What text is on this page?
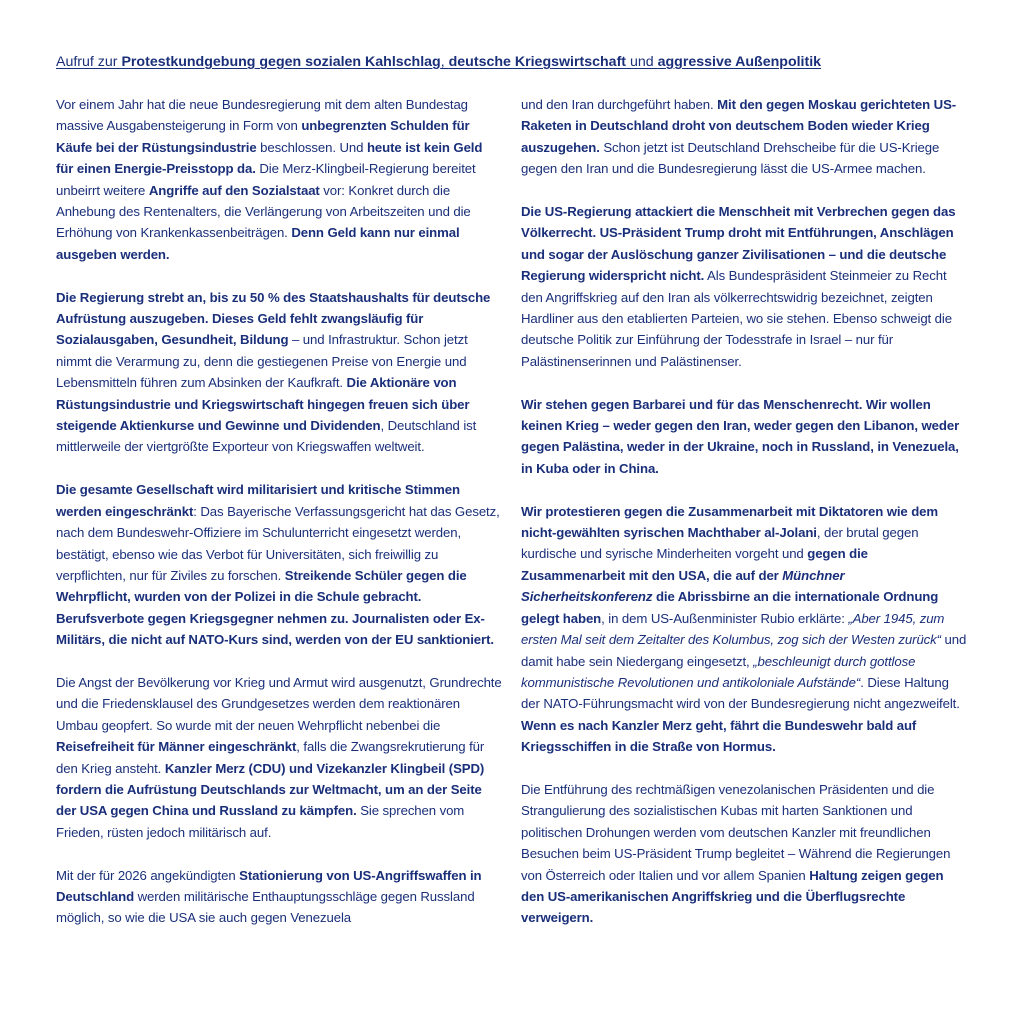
Aufruf zur Protestkundgebung gegen sozialen Kahlschlag, deutsche Kriegswirtschaft und aggressive Außenpolitik

Vor einem Jahr hat die neue Bundesregierung mit dem alten Bundestag massive Ausgabensteigerung in Form von unbegrenzten Schulden für Käufe bei der Rüstungsindustrie beschlossen. Und heute ist kein Geld für einen Energie-Preisstopp da. Die Merz-Klingbeil-Regierung bereitet unbeirrt weitere Angriffe auf den Sozialstaat vor: Konkret durch die Anhebung des Rentenalters, die Verlängerung von Arbeitszeiten und die Erhöhung von Krankenkassenbeiträgen. Denn Geld kann nur einmal ausgeben werden.

Die Regierung strebt an, bis zu 50 % des Staatshaushalts für deutsche Aufrüstung auszugeben. Dieses Geld fehlt zwangsläufig für Sozialausgaben, Gesundheit, Bildung – und Infrastruktur. Schon jetzt nimmt die Verarmung zu, denn die gestiegenen Preise von Energie und Lebensmitteln führen zum Absinken der Kaufkraft. Die Aktionäre von Rüstungsindustrie und Kriegswirtschaft hingegen freuen sich über steigende Aktienkurse und Gewinne und Dividenden, Deutschland ist mittlerweile der viertgrößte Exporteur von Kriegswaffen weltweit.

Die gesamte Gesellschaft wird militarisiert und kritische Stimmen werden eingeschränkt: Das Bayerische Verfassungsgericht hat das Gesetz, nach dem Bundeswehr-Offiziere im Schulunterricht eingesetzt werden, bestätigt, ebenso wie das Verbot für Universitäten, sich freiwillig zu verpflichten, nur für Ziviles zu forschen. Streikende Schüler gegen die Wehrpflicht, wurden von der Polizei in die Schule gebracht. Berufsverbote gegen Kriegsgegner nehmen zu. Journalisten oder Ex-Militärs, die nicht auf NATO-Kurs sind, werden von der EU sanktioniert.

Die Angst der Bevölkerung vor Krieg und Armut wird ausgenutzt, Grundrechte und die Friedensklausel des Grundgesetzes werden dem reaktionären Umbau geopfert. So wurde mit der neuen Wehrpflicht nebenbei die Reisefreiheit für Männer eingeschränkt, falls die Zwangsrekrutierung für den Krieg ansteht. Kanzler Merz (CDU) und Vizekanzler Klingbeil (SPD) fordern die Aufrüstung Deutschlands zur Weltmacht, um an der Seite der USA gegen China und Russland zu kämpfen. Sie sprechen vom Frieden, rüsten jedoch militärisch auf.

Mit der für 2026 angekündigten Stationierung von US-Angriffswaffen in Deutschland werden militärische Enthauptungsschläge gegen Russland möglich, so wie die USA sie auch gegen Venezuela

und den Iran durchgeführt haben. Mit den gegen Moskau gerichteten US-Raketen in Deutschland droht von deutschem Boden wieder Krieg auszugehen. Schon jetzt ist Deutschland Drehscheibe für die US-Kriege gegen den Iran und die Bundesregierung lässt die US-Armee machen.

Die US-Regierung attackiert die Menschheit mit Verbrechen gegen das Völkerrecht. US-Präsident Trump droht mit Entführungen, Anschlägen und sogar der Auslöschung ganzer Zivilisationen – und die deutsche Regierung widerspricht nicht. Als Bundespräsident Steinmeier zu Recht den Angriffskrieg auf den Iran als völkerrechtswidrig bezeichnet, zeigten Hardliner aus den etablierten Parteien, wo sie stehen. Ebenso schweigt die deutsche Politik zur Einführung der Todesstrafe in Israel – nur für Palästinenserinnen und Palästinenser.

Wir stehen gegen Barbarei und für das Menschenrecht. Wir wollen keinen Krieg – weder gegen den Iran, weder gegen den Libanon, weder gegen Palästina, weder in der Ukraine, noch in Russland, in Venezuela, in Kuba oder in China.

Wir protestieren gegen die Zusammenarbeit mit Diktatoren wie dem nicht-gewählten syrischen Machthaber al-Jolani, der brutal gegen kurdische und syrische Minderheiten vorgeht und gegen die Zusammenarbeit mit den USA, die auf der Münchner Sicherheitskonferenz die Abrissbirne an die internationale Ordnung gelegt haben, in dem US-Außenminister Rubio erklärte: „Aber 1945, zum ersten Mal seit dem Zeitalter des Kolumbus, zog sich der Westen zurück“ und damit habe sein Niedergang eingesetzt, „beschleunigt durch gottlose kommunistische Revolutionen und antikoloniale Aufstände“. Diese Haltung der NATO-Führungsmacht wird von der Bundesregierung nicht angezweifelt. Wenn es nach Kanzler Merz geht, fährt die Bundeswehr bald auf Kriegsschiffen in die Straße von Hormus.

Die Entführung des rechtmäßigen venezolanischen Präsidenten und die Strangulierung des sozialistischen Kubas mit harten Sanktionen und politischen Drohungen werden vom deutschen Kanzler mit freundlichen Besuchen beim US-Präsident Trump begleitet – Während die Regierungen von Österreich oder Italien und vor allem Spanien Haltung zeigen gegen den US-amerikanischen Angriffskrieg und die Überflugsrechte verweigern.
